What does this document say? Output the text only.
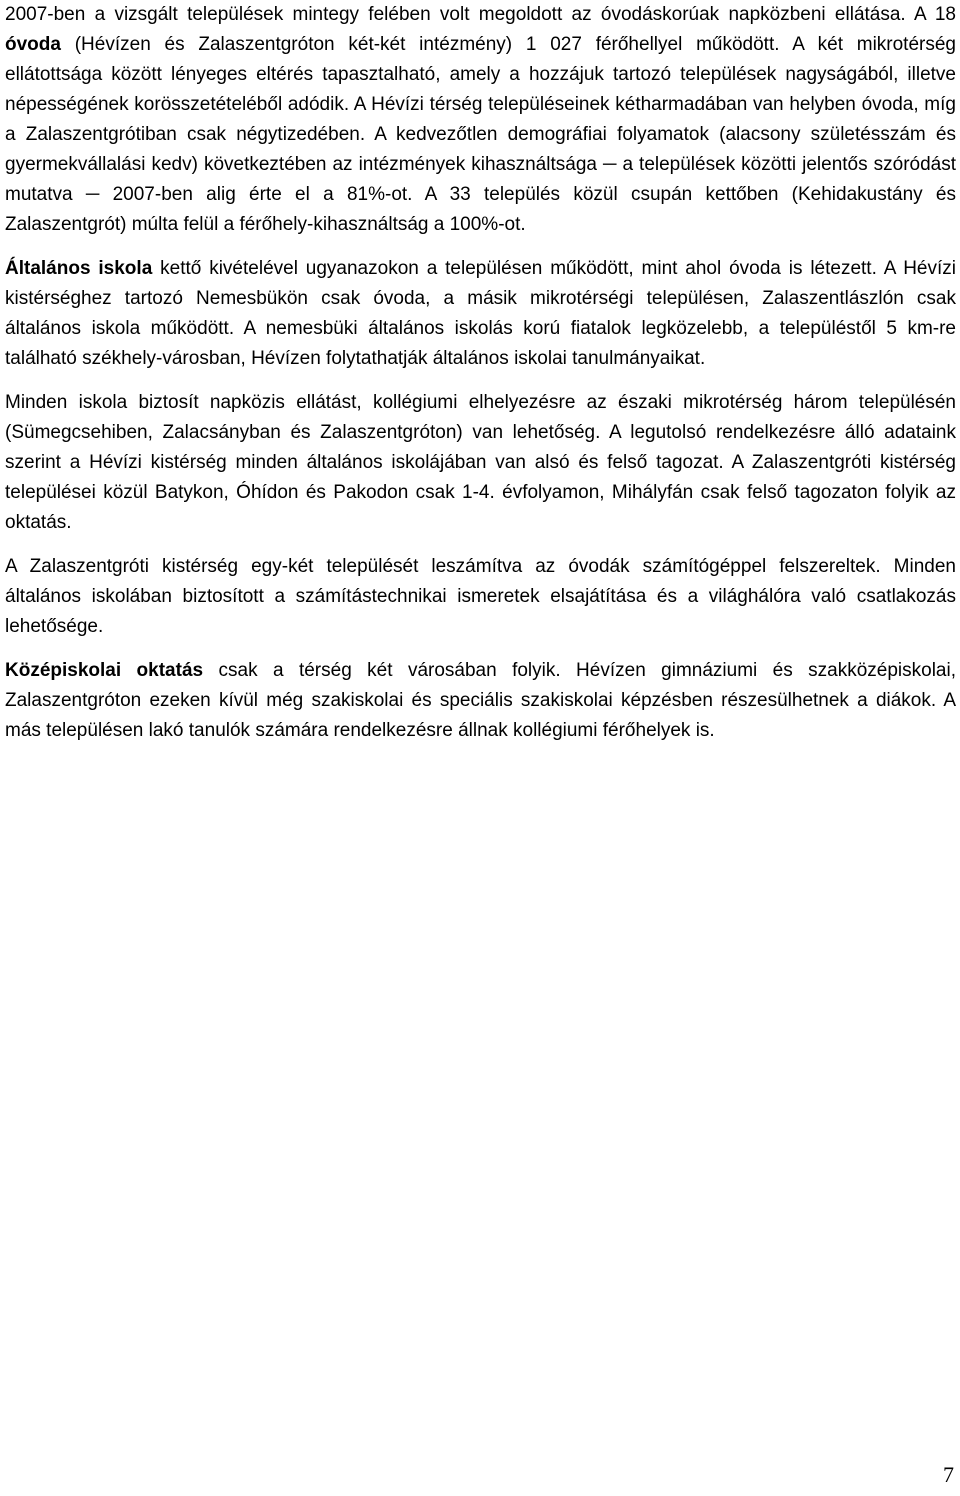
2007-ben a vizsgált települések mintegy felében volt megoldott az óvodáskorúak napközbeni ellátása. A 18 óvoda (Hévízen és Zalaszentgróton két-két intézmény) 1 027 férőhellyel működött. A két mikrotérség ellátottsága között lényeges eltérés tapasztalható, amely a hozzájuk tartozó települések nagyságából, illetve népességének korösszetételéből adódik. A Hévízi térség településeinek kétharmadában van helyben óvoda, míg a Zalaszentgrótiban csak négytizedében. A kedvezőtlen demográfiai folyamatok (alacsony születésszám és gyermekvállalási kedv) következtében az intézmények kihasználtsága ─ a települések közötti jelentős szóródást mutatva ─ 2007-ben alig érte el a 81%-ot. A 33 település közül csupán kettőben (Kehidakustány és Zalaszentgrót) múlta felül a férőhely-kihasználtság a 100%-ot.

Általános iskola kettő kivételével ugyanazokon a településen működött, mint ahol óvoda is létezett. A Hévízi kistérséghez tartozó Nemesbükön csak óvoda, a másik mikrotérségi településen, Zalaszentlászlón csak általános iskola működött. A nemesbüki általános iskolás korú fiatalok legközelebb, a településtől 5 km-re található székhely-városban, Hévízen folytathatják általános iskolai tanulmányaikat.

Minden iskola biztosít napközis ellátást, kollégiumi elhelyezésre az északi mikrotérség három településén (Sümegcsehiben, Zalacsányban és Zalaszentgróton) van lehetőség. A legutolsó rendelkezésre álló adataink szerint a Hévízi kistérség minden általános iskolájában van alsó és felső tagozat. A Zalaszentgróti kistérség települései közül Batykon, Óhídon és Pakodon csak 1-4. évfolyamon, Mihályfán csak felső tagozaton folyik az oktatás.

A Zalaszentgróti kistérség egy-két települését leszámítva az óvodák számítógéppel felszereltek. Minden általános iskolában biztosított a számítástechnikai ismeretek elsajátítása és a világhálóra való csatlakozás lehetősége.

Középiskolai oktatás csak a térség két városában folyik. Hévízen gimnáziumi és szakközépiskolai, Zalaszentgróton ezeken kívül még szakiskolai és speciális szakiskolai képzésben részesülhetnek a diákok. A más településen lakó tanulók számára rendelkezésre állnak kollégiumi férőhelyek is.

7
